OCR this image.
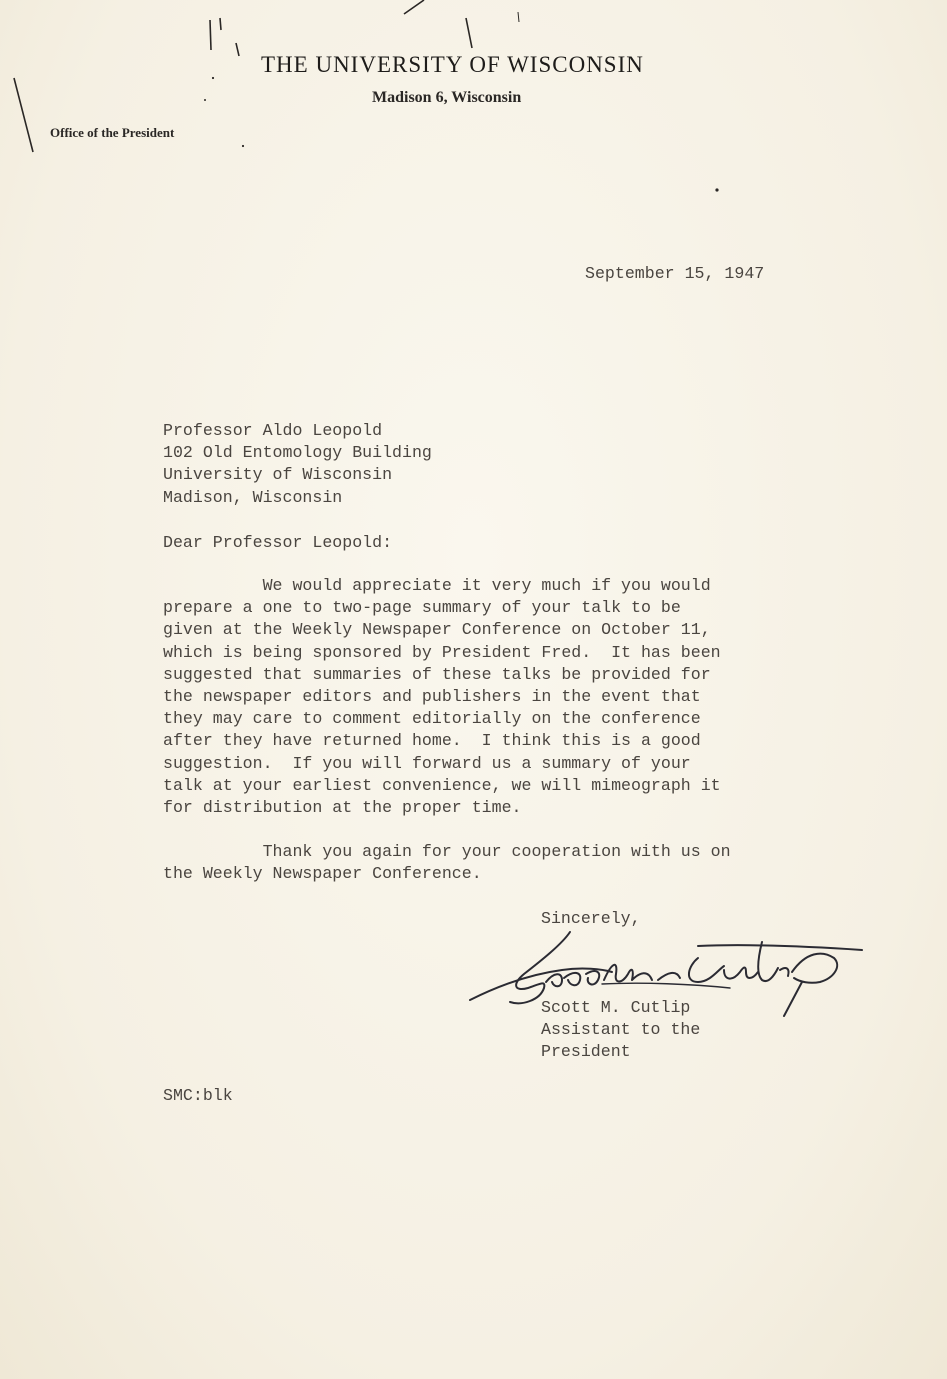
THE UNIVERSITY OF WISCONSIN
Madison 6, Wisconsin
Office of the President
September 15, 1947
Professor Aldo Leopold
102 Old Entomology Building
University of Wisconsin
Madison, Wisconsin
Dear Professor Leopold:
We would appreciate it very much if you would
prepare a one to two-page summary of your talk to be
given at the Weekly Newspaper Conference on October 11,
which is being sponsored by President Fred.  It has been
suggested that summaries of these talks be provided for
the newspaper editors and publishers in the event that
they may care to comment editorially on the conference
after they have returned home.  I think this is a good
suggestion.  If you will forward us a summary of your
talk at your earliest convenience, we will mimeograph it
for distribution at the proper time.
Thank you again for your cooperation with us on
the Weekly Newspaper Conference.
Sincerely,
Scott M. Cutlip
Assistant to the
President
SMC:blk
